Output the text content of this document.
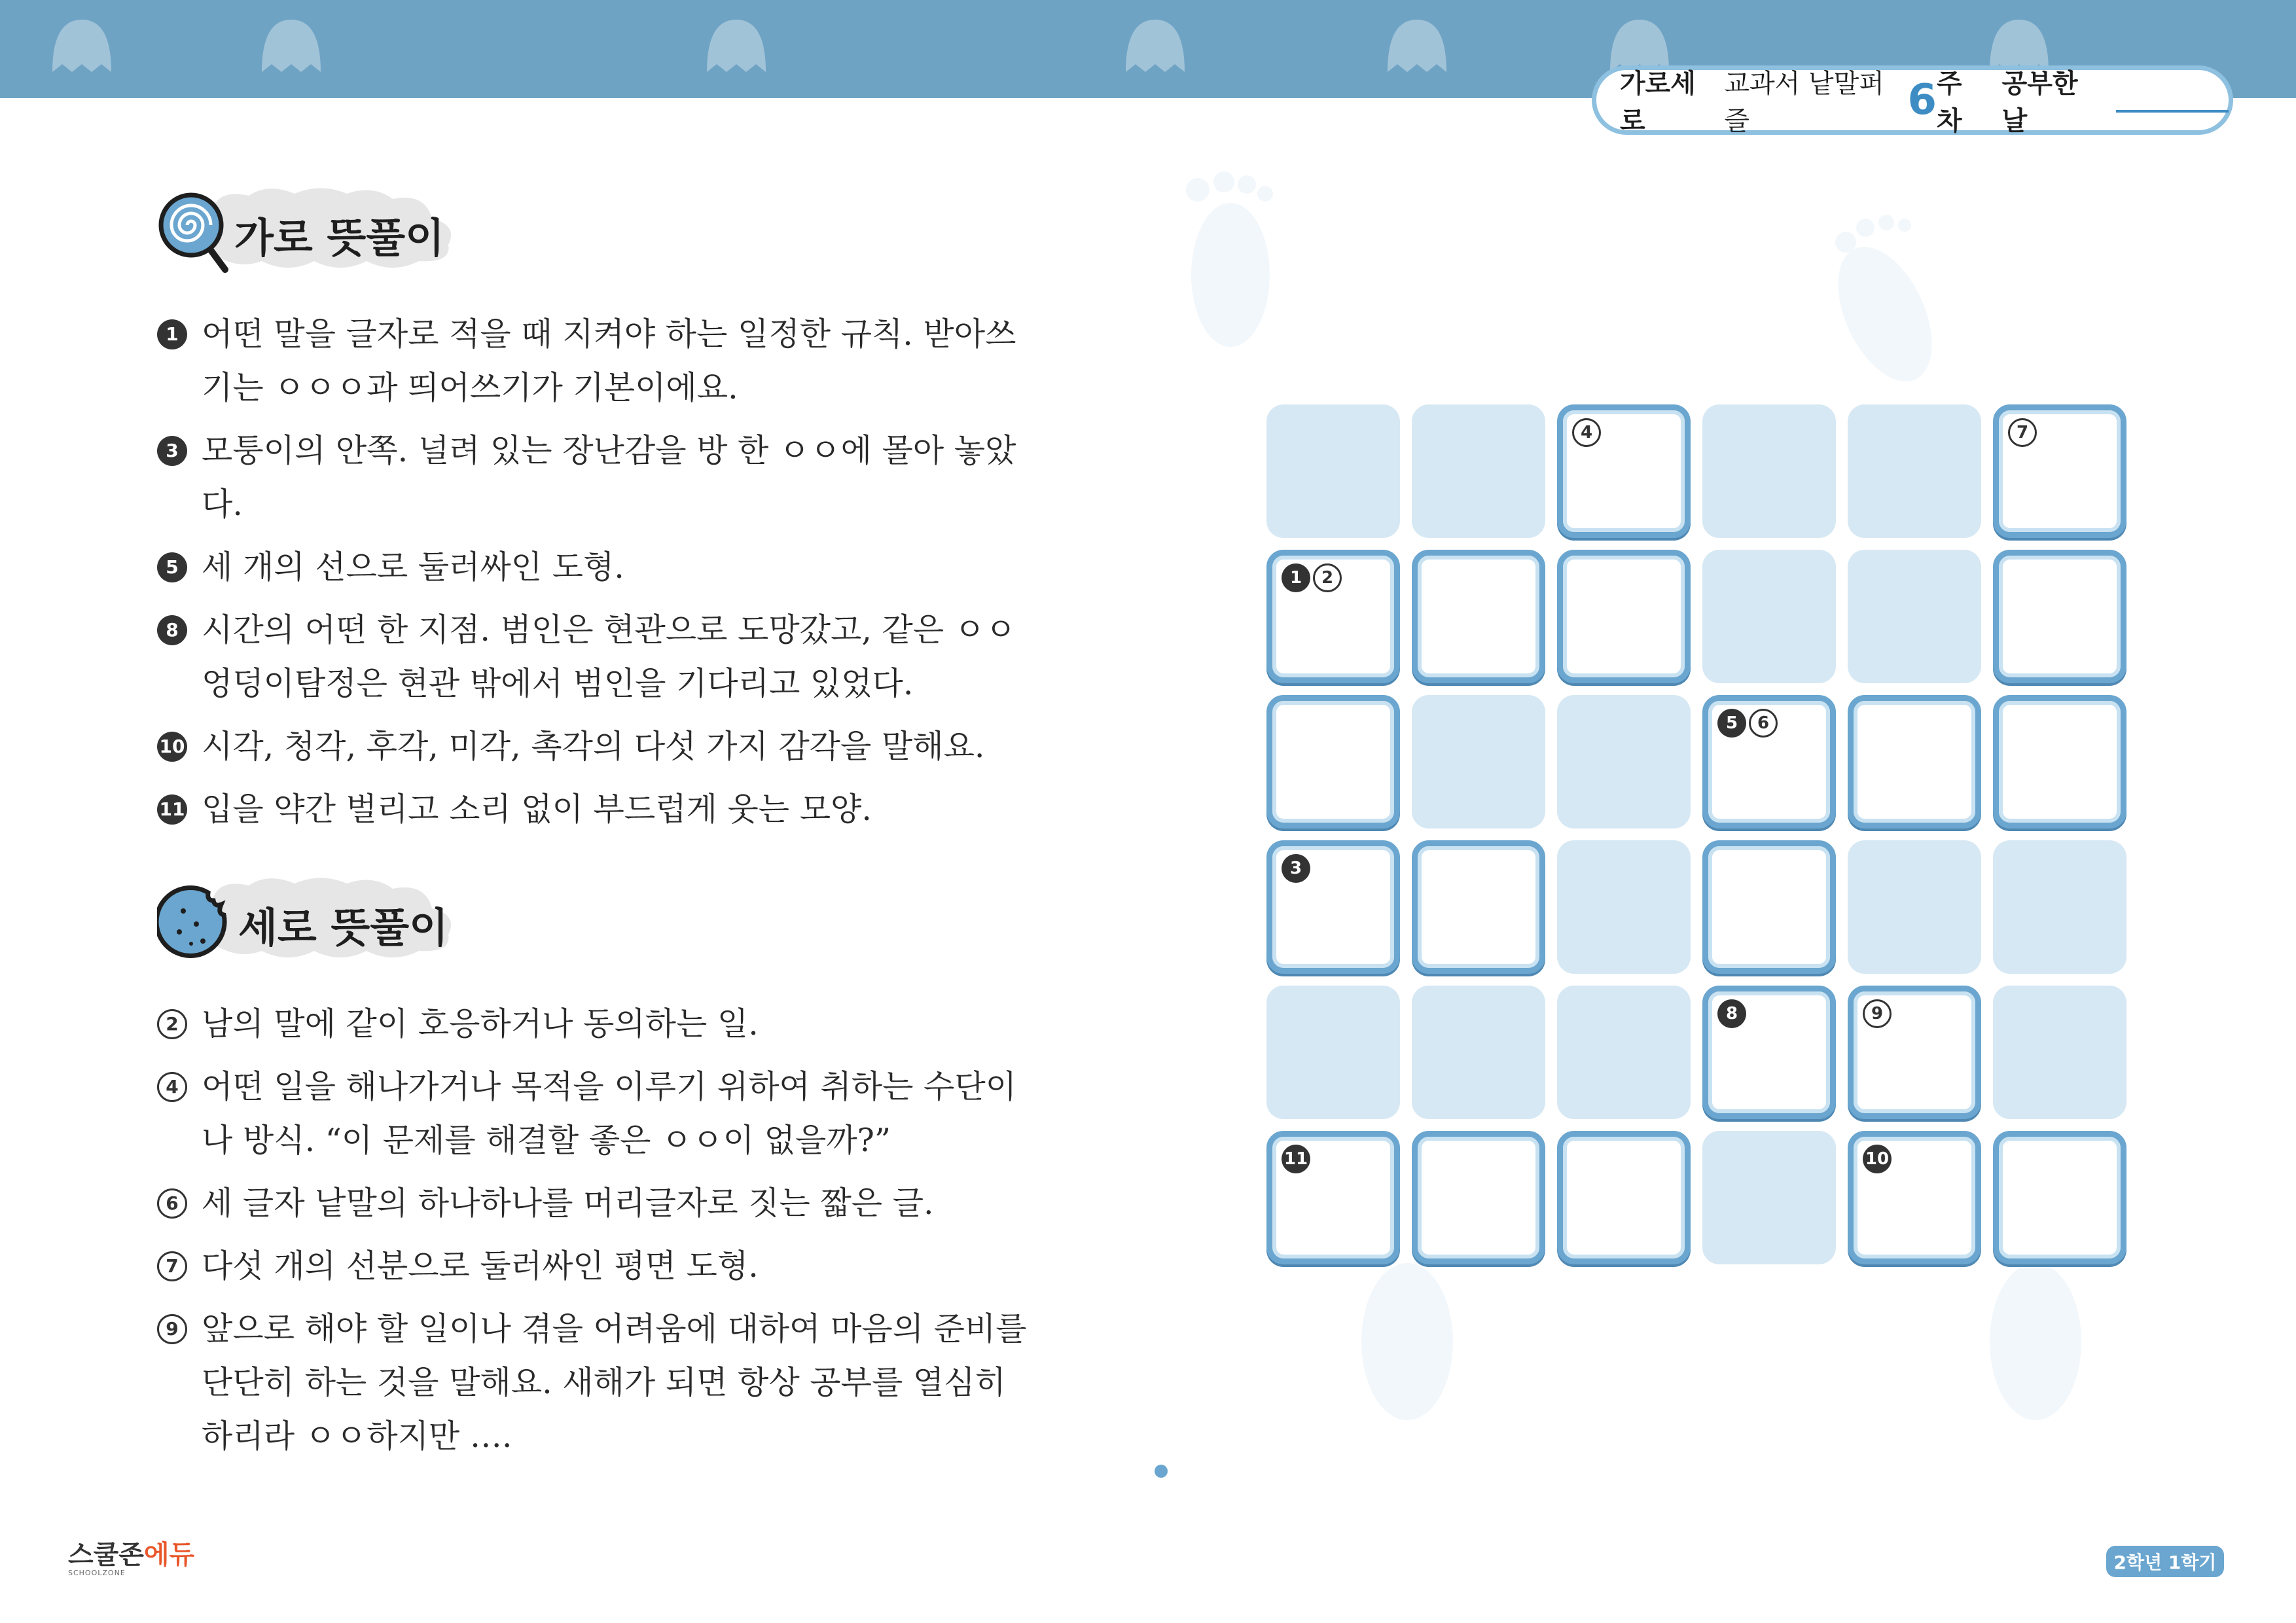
가로세로
교과서 낱말퍼즐	6 주차
공부한 날
가로 뜻풀이
1 어떤 말을 글자로 적을 때 지켜야 하는 일정한 규칙. 받아쓰기는 ㅇㅇㅇ과 띄어쓰기가 기본이에요.
3 모퉁이의 안쪽. 널려 있는 장난감을 방 한 ㅇㅇ에 몰아 놓았다.
5 세 개의 선으로 둘러싸인 도형.
8 시간의 어떤 한 지점. 범인은 현관으로 도망갔고, 같은 ㅇㅇ 엉덩이탐정은 현관 밖에서 범인을 기다리고 있었다.
10 시각, 청각, 후각, 미각, 촉각의 다섯 가지 감각을 말해요.
11 입을 약간 벌리고 소리 없이 부드럽게 웃는 모양.
세로 뜻풀이
2 남의 말에 같이 호응하거나 동의하는 일.
4 어떤 일을 해나가거나 목적을 이루기 위하여 취하는 수단이나 방식. “이 문제를 해결할 좋은 ㅇㅇ이 없을까?”
6 세 글자 낱말의 하나하나를 머리글자로 짓는 짧은 글.
7 다섯 개의 선분으로 둘러싸인 평면 도형.
9 앞으로 해야 할 일이나 겪을 어려움에 대하여 마음의 준비를 단단히 하는 것을 말해요. 새해가 되면 항상 공부를 열심히 하리라 ㅇㅇ하지만 ….
4	7
1	2
5	6
3
8	9
11	10
스쿨존에듀
SCHOOLZONE	2학년 1학기
